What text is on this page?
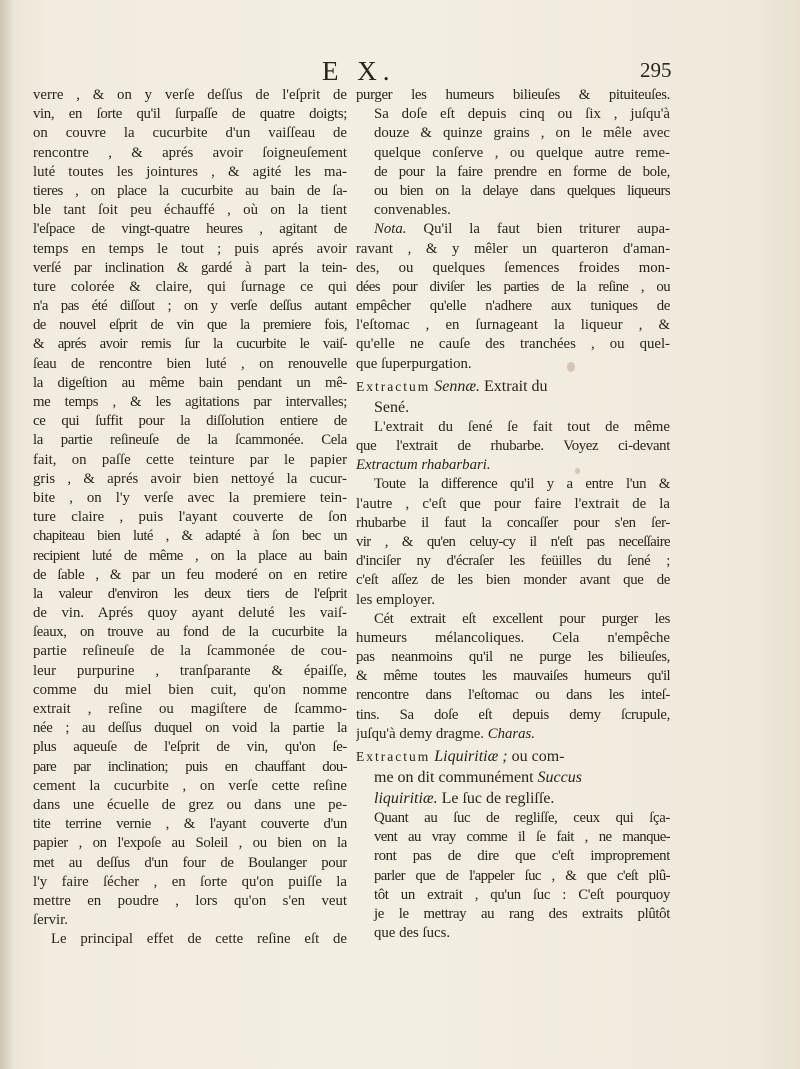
E X.	295
verre , & on y verſe deſſus de l'eſprit de
vin, en ſorte qu'il ſurpaſſe de quatre doigts;
on couvre la cucurbite d'un vaiſſeau de
rencontre , & aprés avoir ſoigneuſement
luté toutes les jointures , & agité les ma-
tieres , on place la cucurbite au bain de ſa-
ble tant ſoit peu échauffé , où on la tient
l'eſpace de vingt-quatre heures , agitant de
temps en temps le tout ; puis aprés avoir
verſé par inclination & gardé à part la tein-
ture colorée & claire, qui ſurnage ce qui
n'a pas été diſſout ; on y verſe deſſus autant
de nouvel eſprit de vin que la premiere fois,
& aprés avoir remis ſur la cucurbite le vaiſ-
ſeau de rencontre bien luté , on renouvelle
la digeſtion au même bain pendant un mê-
me temps , & les agitations par intervalles;
ce qui ſuffit pour la diſſolution entiere de
la partie reſineuſe de la ſcammonée. Cela
fait, on paſſe cette teinture par le papier
gris , & aprés avoir bien nettoyé la cucur-
bite , on l'y verſe avec la premiere tein-
ture claire , puis l'ayant couverte de ſon
chapiteau bien luté , & adapté à ſon bec un
recipient luté de même , on la place au bain
de ſable , & par un feu moderé on en retire
la valeur d'environ les deux tiers de l'eſprit
de vin. Aprés quoy ayant deluté les vaiſ-
ſeaux, on trouve au fond de la cucurbite la
partie reſineuſe de la ſcammonée de cou-
leur purpurine , tranſparante & épaiſſe,
comme du miel bien cuit, qu'on nomme
extrait , reſine ou magiſtere de ſcammo-
née ; au deſſus duquel on void la partie la
plus aqueuſe de l'eſprit de vin, qu'on ſe-
pare par inclination; puis en chauffant dou-
cement la cucurbite , on verſe cette reſine
dans une écuelle de grez ou dans une pe-
tite terrine vernie , & l'ayant couverte d'un
papier , on l'expoſe au Soleil , ou bien on la
met au deſſus d'un four de Boulanger pour
l'y faire ſécher , en ſorte qu'on puiſſe la
mettre en poudre , lors qu'on s'en veut
ſervir.
Le principal effet de cette reſine eſt de
purger les humeurs bilieuſes & pituiteuſes.
Sa doſe eſt depuis cinq ou ſix , juſqu'à
douze & quinze grains , on le mêle avec
quelque conſerve , ou quelque autre reme-
de pour la faire prendre en forme de bole,
ou bien on la delaye dans quelques liqueurs
convenables.
Nota. Qu'il la faut bien triturer aupa-
ravant , & y mêler un quarteron d'aman-
des, ou quelques ſemences froides mon-
dées pour diviſer les parties de la reſine , ou
empêcher qu'elle n'adhere aux tuniques de
l'eſtomac , en ſurnageant la liqueur , &
qu'elle ne cauſe des tranchées , ou quel-
que ſuperpurgation.
Extractum Sennæ. Extrait du
Sené.
L'extrait du ſené ſe fait tout de même
que l'extrait de rhubarbe. Voyez ci-devant
Extractum rhabarbari.
Toute la difference qu'il y a entre l'un &
l'autre , c'eſt que pour faire l'extrait de la
rhubarbe il faut la concaſſer pour s'en ſer-
vir , & qu'en celuy-cy il n'eſt pas neceſſaire
d'inciſer ny d'écraſer les feüilles du ſené ;
c'eſt aſſez de les bien monder avant que de
les employer.
Cét extrait eſt excellent pour purger les
humeurs mélancoliques. Cela n'empêche
pas neanmoins qu'il ne purge les bilieuſes,
& même toutes les mauvaiſes humeurs qu'il
rencontre dans l'eſtomac ou dans les inteſ-
tins. Sa doſe eſt depuis demy ſcrupule,
juſqu'à demy dragme. Charas.
Extractum Liquiritiæ ; ou com-
me on dit communément Succus
liquiritiæ. Le ſuc de regliſſe.
Quant au ſuc de regliſſe, ceux qui ſça-
vent au vray comme il ſe fait , ne manque-
ront pas de dire que c'eſt improprement
parler que de l'appeler ſuc , & que c'eſt plû-
tôt un extrait , qu'un ſuc : C'eſt pourquoy
je le mettray au rang des extraits plûtôt
que des ſucs.
